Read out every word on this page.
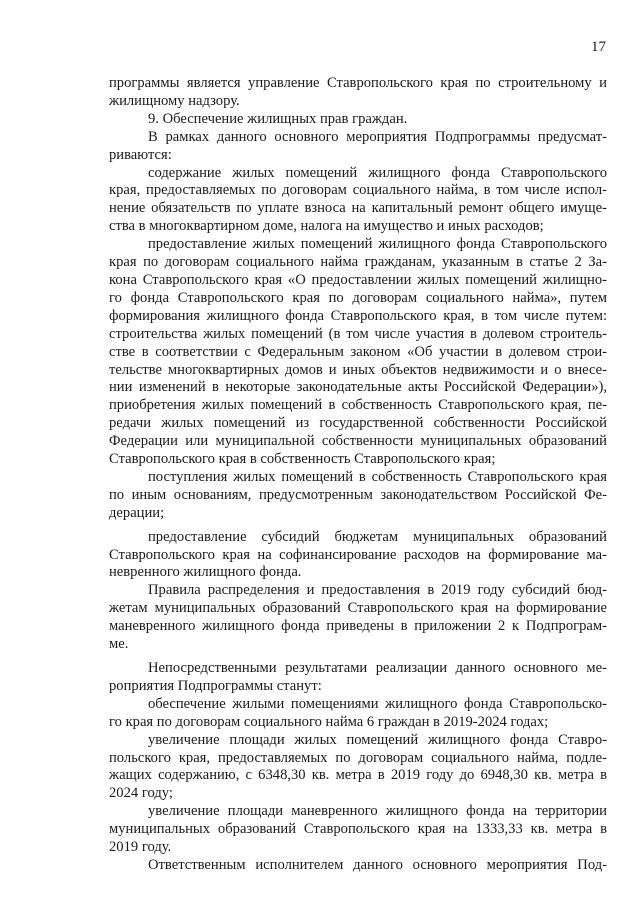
17
программы является управление Ставропольского края по строительному и
жилищному надзору.
9. Обеспечение жилищных прав граждан.
В рамках данного основного мероприятия Подпрограммы предусмат-
риваются:
содержание жилых помещений жилищного фонда Ставропольского
края, предоставляемых по договорам социального найма, в том числе испол-
нение обязательств по уплате взноса на капитальный ремонт общего имуще-
ства в многоквартирном доме, налога на имущество и иных расходов;
предоставление жилых помещений жилищного фонда Ставропольского
края по договорам социального найма гражданам, указанным в статье 2 За-
кона Ставропольского края «О предоставлении жилых помещений жилищно-
го фонда Ставропольского края по договорам социального найма», путем
формирования жилищного фонда Ставропольского края, в том числе путем:
строительства жилых помещений (в том числе участия в долевом строитель-
стве в соответствии с Федеральным законом «Об участии в долевом строи-
тельстве многоквартирных домов и иных объектов недвижимости и о внесе-
нии изменений в некоторые законодательные акты Российской Федерации»),
приобретения жилых помещений в собственность Ставропольского края, пе-
редачи жилых помещений из государственной собственности Российской
Федерации или муниципальной собственности муниципальных образований
Ставропольского края в собственность Ставропольского края;
поступления жилых помещений в собственность Ставропольского края
по иным основаниям, предусмотренным законодательством Российской Фе-
дерации;
предоставление субсидий бюджетам муниципальных образований
Ставропольского края на софинансирование расходов на формирование ма-
невренного жилищного фонда.
Правила распределения и предоставления в 2019 году субсидий бюд-
жетам муниципальных образований Ставропольского края на формирование
маневренного жилищного фонда приведены в приложении 2 к Подпрограм-
ме.
Непосредственными результатами реализации данного основного ме-
роприятия Подпрограммы станут:
обеспечение жилыми помещениями жилищного фонда Ставропольско-
го края по договорам социального найма 6 граждан в 2019-2024 годах;
увеличение площади жилых помещений жилищного фонда Ставро-
польского края, предоставляемых по договорам социального найма, подле-
жащих содержанию, с 6348,30 кв. метра в 2019 году до 6948,30 кв. метра в
2024 году;
увеличение площади маневренного жилищного фонда на территории
муниципальных образований Ставропольского края на 1333,33 кв. метра в
2019 году.
Ответственным исполнителем данного основного мероприятия Под-
